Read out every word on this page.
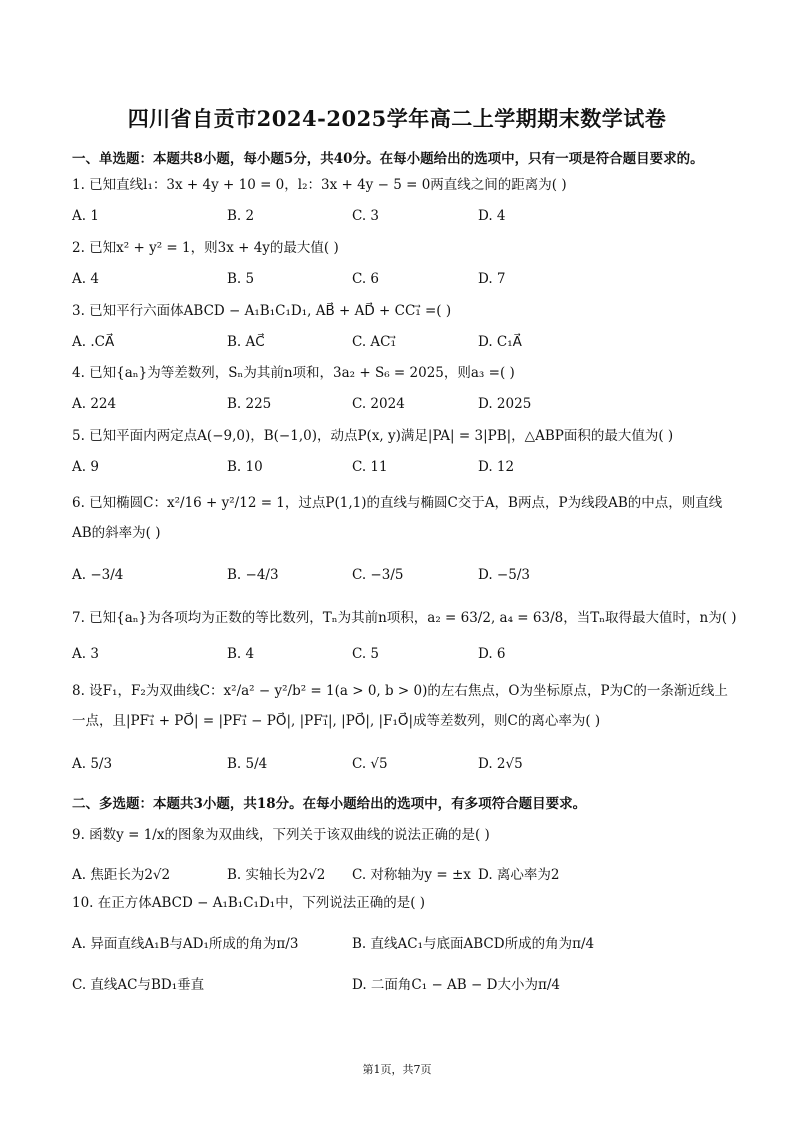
四川省自贡市2024-2025学年高二上学期期末数学试卷
一、单选题：本题共8小题，每小题5分，共40分。在每小题给出的选项中，只有一项是符合题目要求的。
1. 已知直线l₁：3x + 4y + 10 = 0，l₂：3x + 4y − 5 = 0两直线之间的距离为( )
A. 1	B. 2	C. 3	D. 4
2. 已知x² + y² = 1，则3x + 4y的最大值( )
A. 4	B. 5	C. 6	D. 7
3. 已知平行六面体ABCD − A₁B₁C₁D₁, AB⃗ + AD⃗ + CC₁⃗ =( )
A. .CA⃗	B. AC⃗	C. AC₁⃗	D. C₁A⃗
4. 已知{aₙ}为等差数列，Sₙ为其前n项和，3a₂ + S₆ = 2025，则a₃ =( )
A. 224	B. 225	C. 2024	D. 2025
5. 已知平面内两定点A(−9,0)，B(−1,0)，动点P(x, y)满足|PA| = 3|PB|，△ABP面积的最大值为( )
A. 9	B. 10	C. 11	D. 12
6. 已知椭圆C：x²/16 + y²/12 = 1，过点P(1,1)的直线与椭圆C交于A，B两点，P为线段AB的中点，则直线AB的斜率为( )
A. −3/4	B. −4/3	C. −3/5	D. −5/3
7. 已知{aₙ}为各项均为正数的等比数列，Tₙ为其前n项积，a₂ = 63/2, a₄ = 63/8，当Tₙ取得最大值时，n为( )
A. 3	B. 4	C. 5	D. 6
8. 设F₁，F₂为双曲线C：x²/a² − y²/b² = 1(a > 0, b > 0)的左右焦点，O为坐标原点，P为C的一条渐近线上一点，且|PF₁⃗ + PO⃗| = |PF₁⃗ − PO⃗|, |PF₁⃗|, |PO⃗|, |F₁O⃗|成等差数列，则C的离心率为( )
A. 5/3	B. 5/4	C. √5	D. 2√5
二、多选题：本题共3小题，共18分。在每小题给出的选项中，有多项符合题目要求。
9. 函数y = 1/x的图象为双曲线，下列关于该双曲线的说法正确的是( )
A. 焦距长为2√2	B. 实轴长为2√2 C. 对称轴为y = ±x D. 离心率为2
10. 在正方体ABCD − A₁B₁C₁D₁中，下列说法正确的是( )
A. 异面直线A₁B与AD₁所成的角为π/3	B. 直线AC₁与底面ABCD所成的角为π/4
C. 直线AC与BD₁垂直	D. 二面角C₁ − AB − D大小为π/4
第1页，共7页
